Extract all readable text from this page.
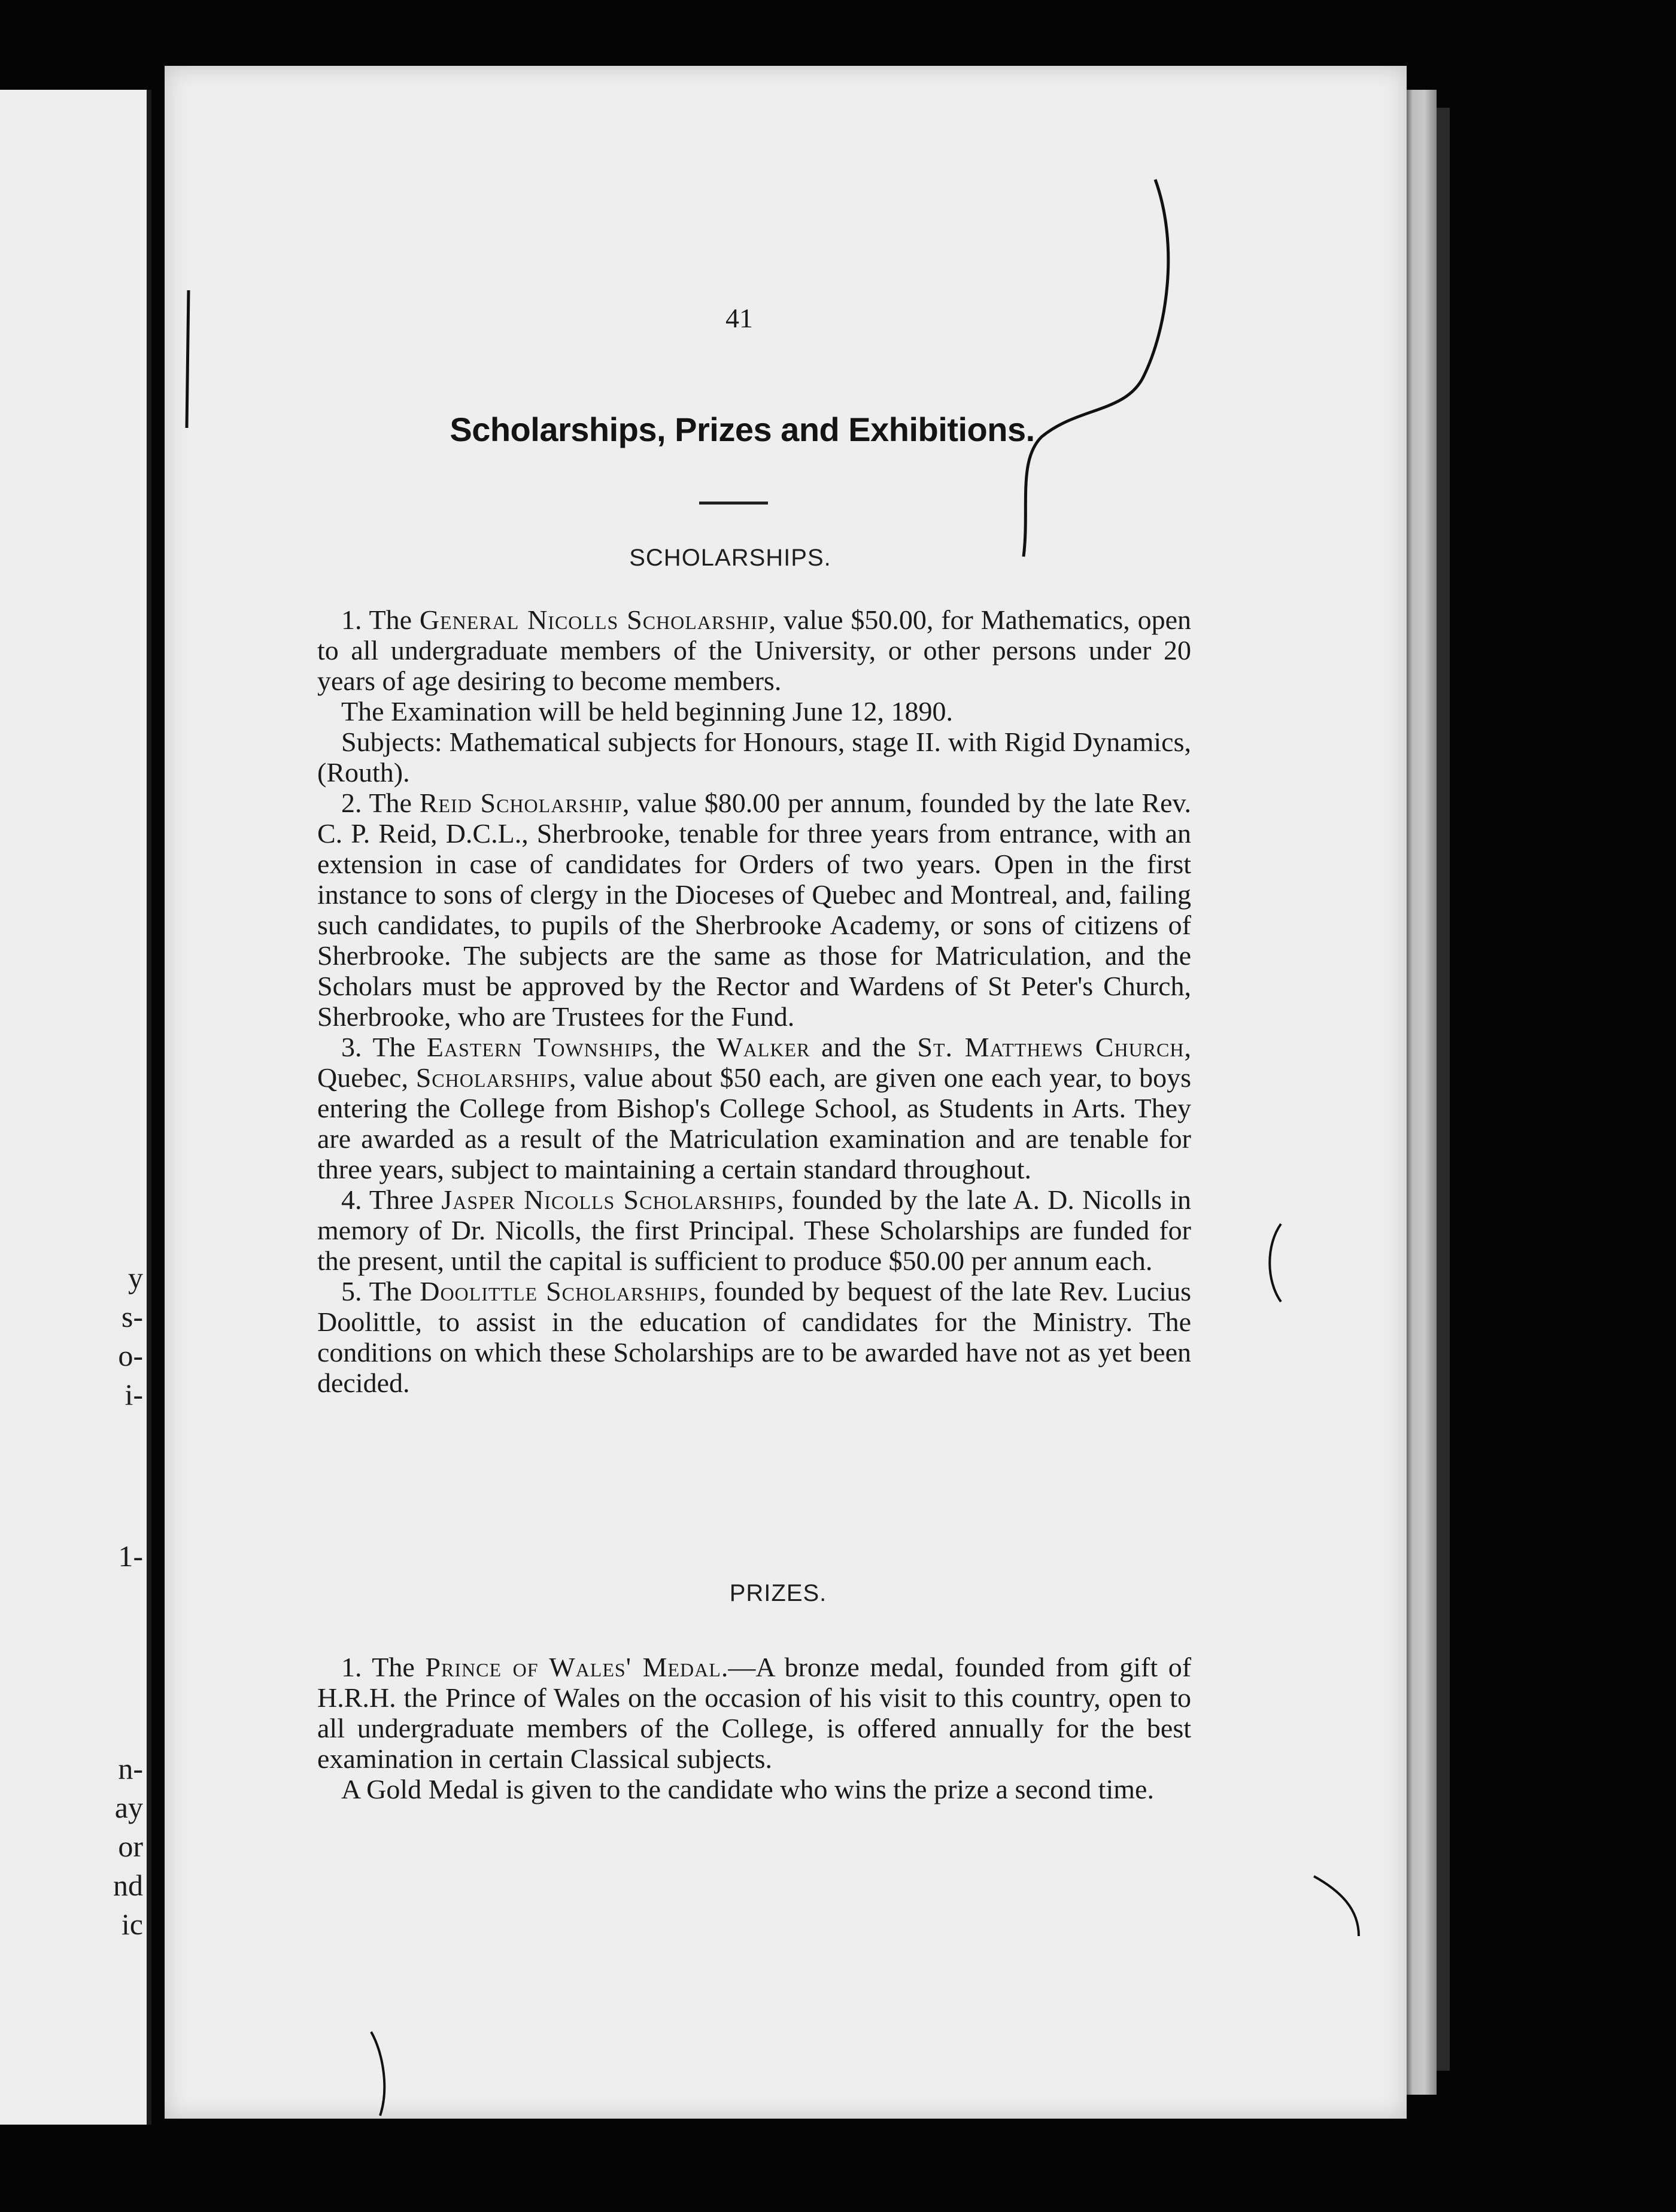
y
s-
o-
i-
1-
n-
ay
or
nd
ic
41
Scholarships, Prizes and Exhibitions.
SCHOLARSHIPS.

1. The General Nicolls Scholarship, value $50.00, for Mathematics, open to all undergraduate members of the University, or other persons under 20 years of age desiring to become members.

The Examination will be held beginning June 12, 1890.

Subjects: Mathematical subjects for Honours, stage II. with Rigid Dynamics, (Routh).

2. The Reid Scholarship, value $80.00 per annum, founded by the late Rev. C. P. Reid, D.C.L., Sherbrooke, tenable for three years from entrance, with an extension in case of candidates for Orders of two years. Open in the first instance to sons of clergy in the Dioceses of Quebec and Montreal, and, failing such candidates, to pupils of the Sherbrooke Academy, or sons of citizens of Sherbrooke. The subjects are the same as those for Matriculation, and the Scholars must be approved by the Rector and Wardens of St Peter's Church, Sherbrooke, who are Trustees for the Fund.

3. The Eastern Townships, the Walker and the St. Matthews Church, Quebec, Scholarships, value about $50 each, are given one each year, to boys entering the College from Bishop's College School, as Students in Arts. They are awarded as a result of the Matriculation examination and are tenable for three years, subject to maintaining a certain standard throughout.

4. Three Jasper Nicolls Scholarships, founded by the late A. D. Nicolls in memory of Dr. Nicolls, the first Principal. These Scholarships are funded for the present, until the capital is sufficient to produce $50.00 per annum each.

5. The Doolittle Scholarships, founded by bequest of the late Rev. Lucius Doolittle, to assist in the education of candidates for the Ministry. The conditions on which these Scholarships are to be awarded have not as yet been decided.

PRIZES.

1. The Prince of Wales' Medal.—A bronze medal, founded from gift of H.R.H. the Prince of Wales on the occasion of his visit to this country, open to all undergraduate members of the College, is offered annually for the best examination in certain Classical subjects.

A Gold Medal is given to the candidate who wins the prize a second time.
